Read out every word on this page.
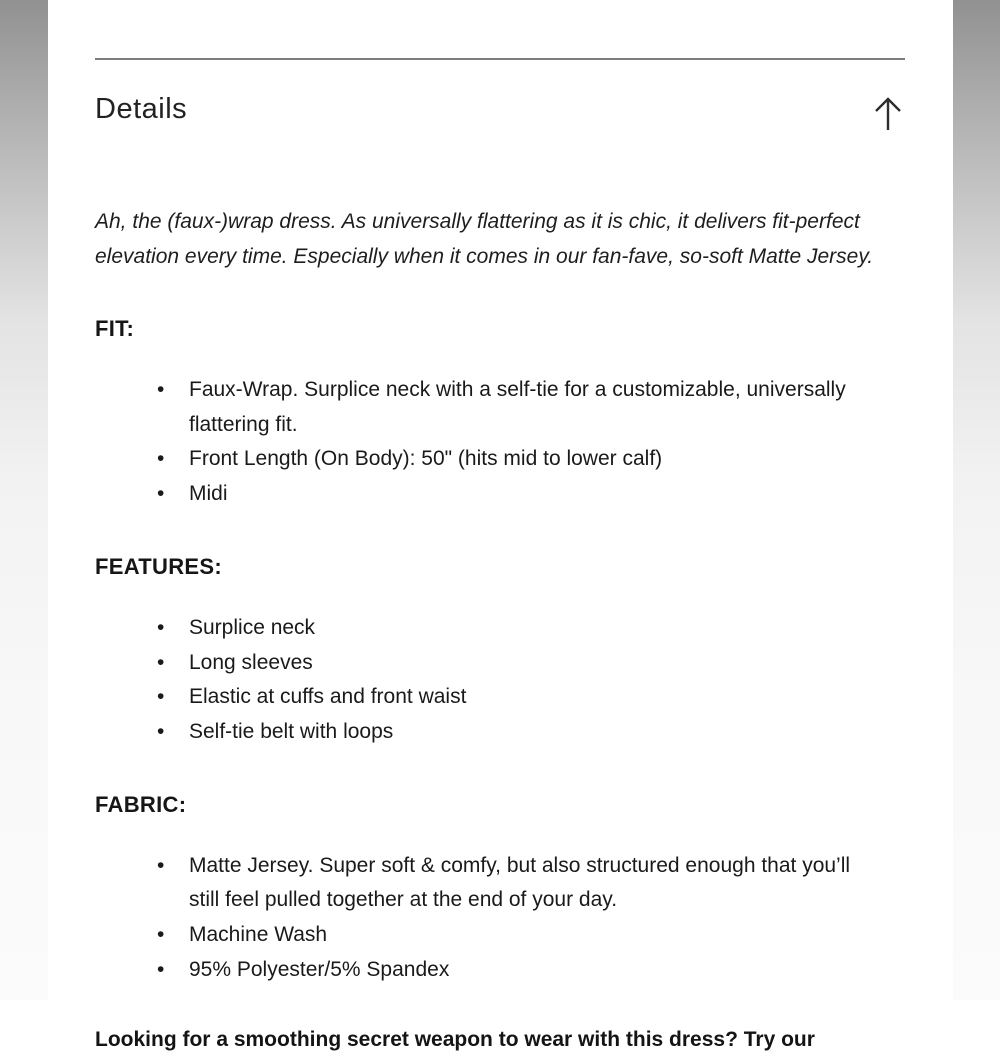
Details

Ah, the (faux-)wrap dress. As universally flattering as it is chic, it delivers fit-perfect elevation every time. Especially when it comes in our fan-fave, so-soft Matte Jersey.

FIT:
• Faux-Wrap. Surplice neck with a self-tie for a customizable, universally flattering fit.
• Front Length (On Body): 50" (hits mid to lower calf)
• Midi
FEATURES:
• Surplice neck
• Long sleeves
• Elastic at cuffs and front waist
• Self-tie belt with loops
FABRIC:
• Matte Jersey. Super soft & comfy, but also structured enough that you’ll still feel pulled together at the end of your day.
• Machine Wash
• 95% Polyester/5% Spandex

Looking for a smoothing secret weapon to wear with this dress? Try our
